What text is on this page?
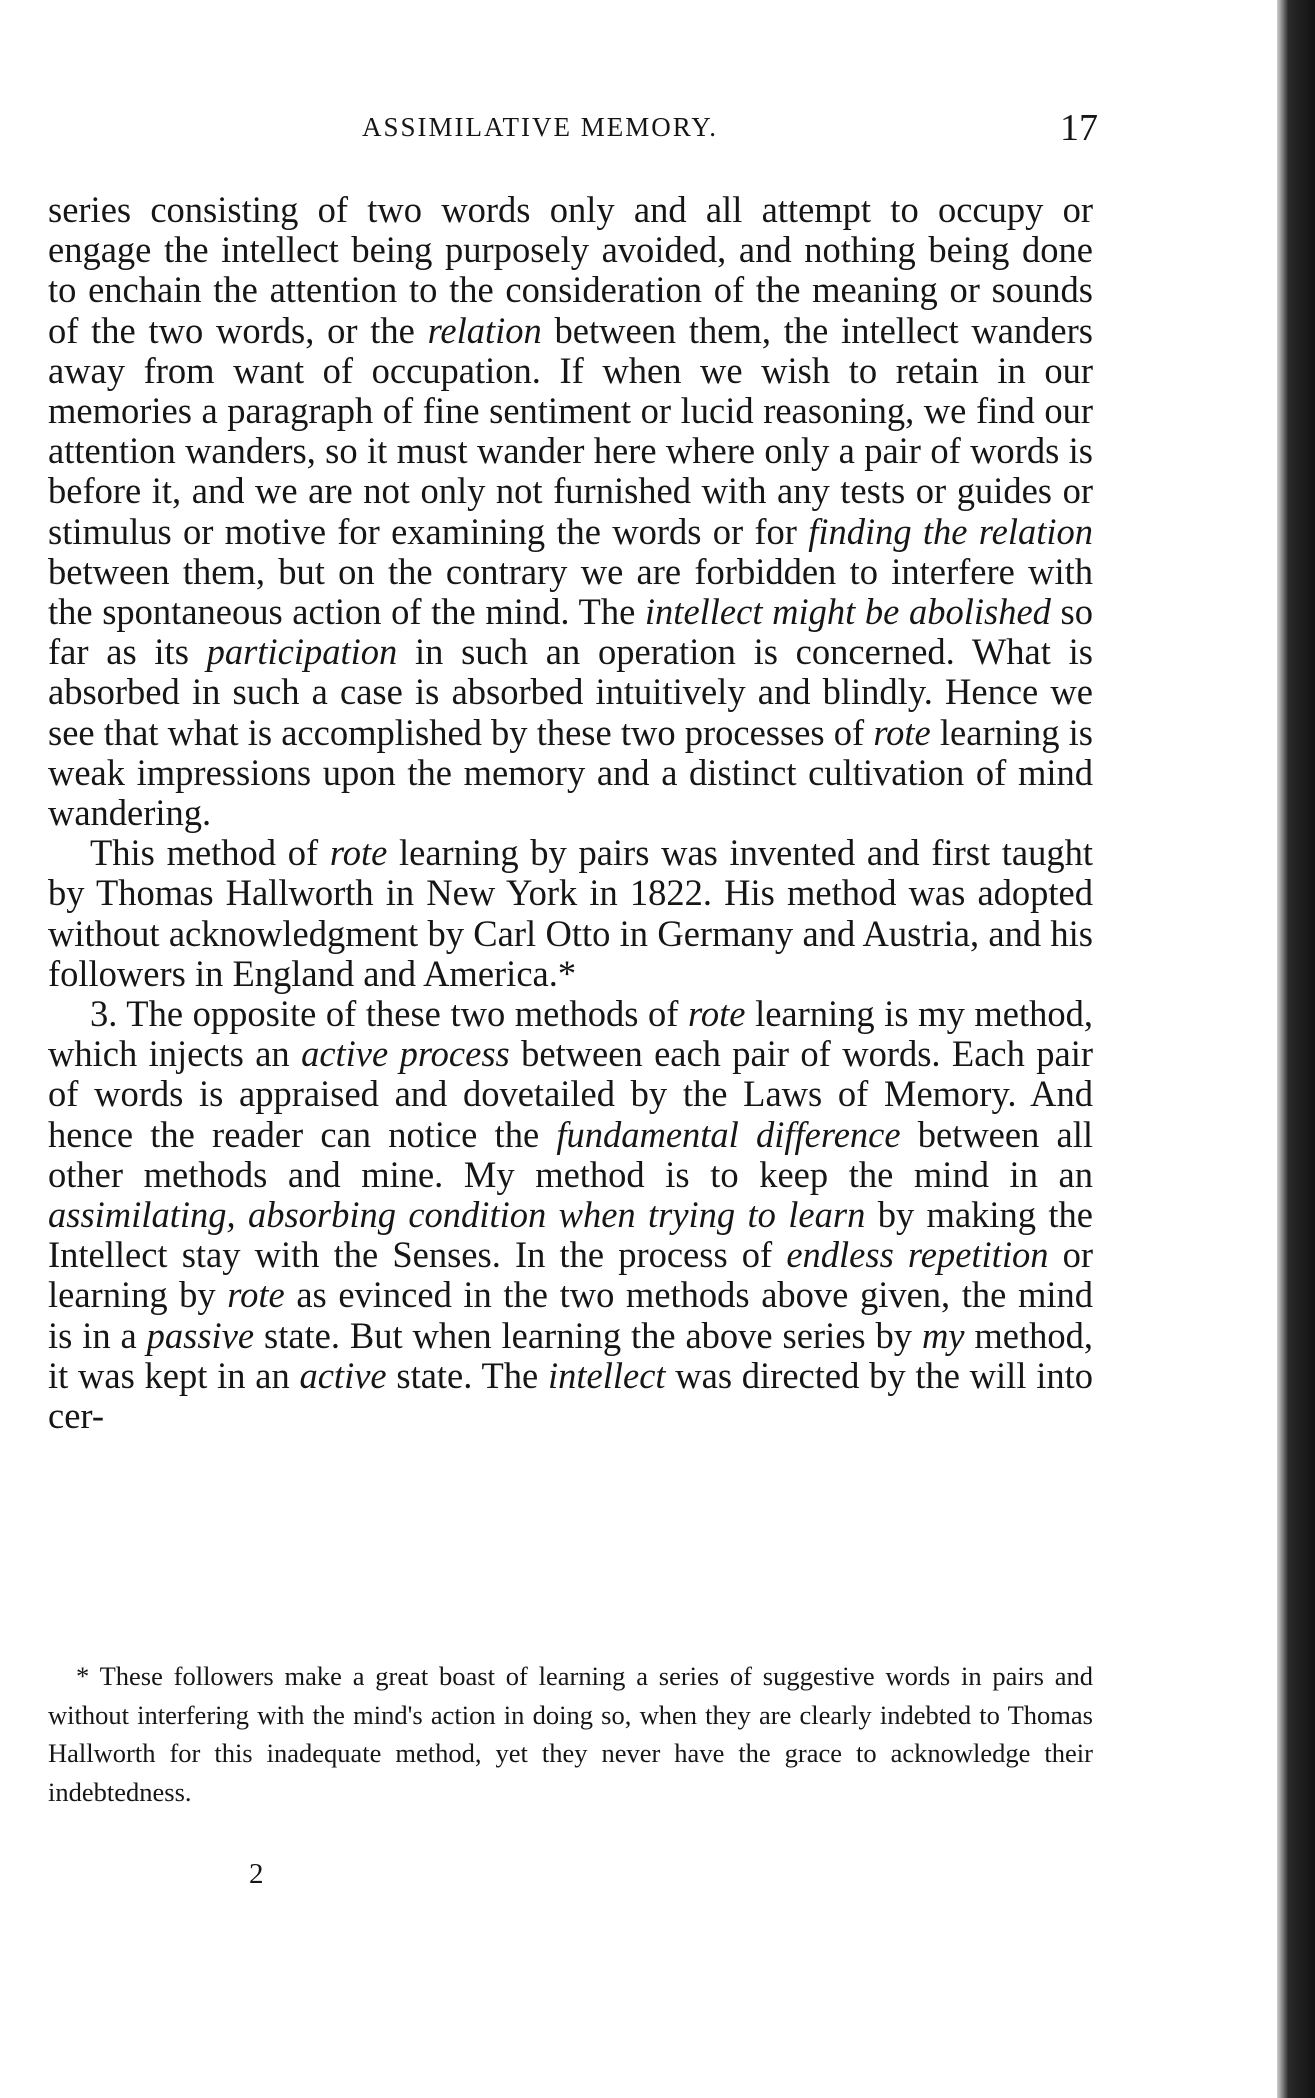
ASSIMILATIVE MEMORY.	17

series consisting of two words only and all attempt to occupy or engage the intellect being purposely avoided, and nothing being done to enchain the attention to the consideration of the meaning or sounds of the two words, or the relation between them, the intellect wanders away from want of occupation. If when we wish to retain in our memories a paragraph of fine sentiment or lucid reasoning, we find our attention wanders, so it must wander here where only a pair of words is before it, and we are not only not furnished with any tests or guides or stimulus or motive for examining the words or for finding the relation between them, but on the contrary we are forbidden to interfere with the spontaneous action of the mind. The intellect might be abolished so far as its participation in such an operation is concerned. What is absorbed in such a case is absorbed intuitively and blindly. Hence we see that what is accomplished by these two processes of rote learning is weak impressions upon the memory and a distinct cultivation of mind wandering.

This method of rote learning by pairs was invented and first taught by Thomas Hallworth in New York in 1822. His method was adopted without acknowledgment by Carl Otto in Germany and Austria, and his followers in England and America.*

3. The opposite of these two methods of rote learning is my method, which injects an active process between each pair of words. Each pair of words is appraised and dovetailed by the Laws of Memory. And hence the reader can notice the fundamental difference between all other methods and mine. My method is to keep the mind in an assimilating, absorbing condition when trying to learn by making the Intellect stay with the Senses. In the process of endless repetition or learning by rote as evinced in the two methods above given, the mind is in a passive state. But when learning the above series by my method, it was kept in an active state. The intellect was directed by the will into cer-

* These followers make a great boast of learning a series of suggestive words in pairs and without interfering with the mind's action in doing so, when they are clearly indebted to Thomas Hallworth for this inadequate method, yet they never have the grace to acknowledge their indebtedness.
2
